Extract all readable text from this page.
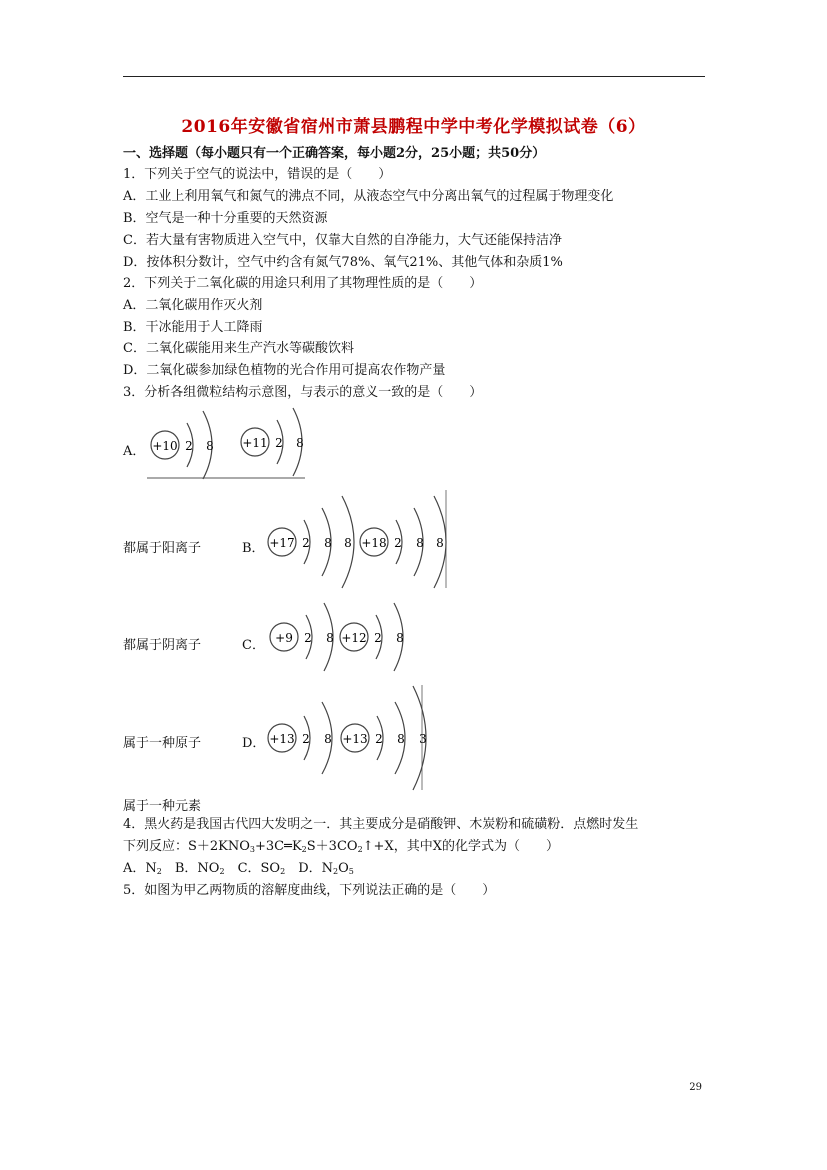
2016年安徽省宿州市萧县鹏程中学中考化学模拟试卷（6）
一、选择题（每小题只有一个正确答案，每小题2分，25小题；共50分）
1．下列关于空气的说法中，错误的是（　　）
A．工业上利用氧气和氮气的沸点不同，从液态空气中分离出氧气的过程属于物理变化
B．空气是一种十分重要的天然资源
C．若大量有害物质进入空气中，仅靠大自然的自净能力，大气还能保持洁净
D．按体积分数计，空气中约含有氮气78%、氧气21%、其他气体和杂质1%
2．下列关于二氧化碳的用途只利用了其物理性质的是（　　）
A．二氧化碳用作灭火剂
B．干冰能用于人工降雨
C．二氧化碳能用来生产汽水等碳酸饮料
D．二氧化碳参加绿色植物的光合作用可提高农作物产量
3．分析各组微粒结构示意图，与表示的意义一致的是（　　）
A． +10 2 8 +11 2 8
都属于阳离子	B． +17 2 8 8 +18 2 8 8
都属于阴离子	C． +9 2 8 +12 2 8
属于一种原子	D． +13 2 8 +13 2 8 3
属于一种元素
4．黑火药是我国古代四大发明之一．其主要成分是硝酸钾、木炭粉和硫磺粉．点燃时发生
下列反应：$S+2KNO_3+3C═K_2S+3CO_2↑+X$，其中X的化学式为（　　）
A．$N_2$　 B．$NO_2$　 C．$SO_2$　 D．$N_2O_5$
5．如图为甲乙两物质的溶解度曲线，下列说法正确的是（　　）
29
